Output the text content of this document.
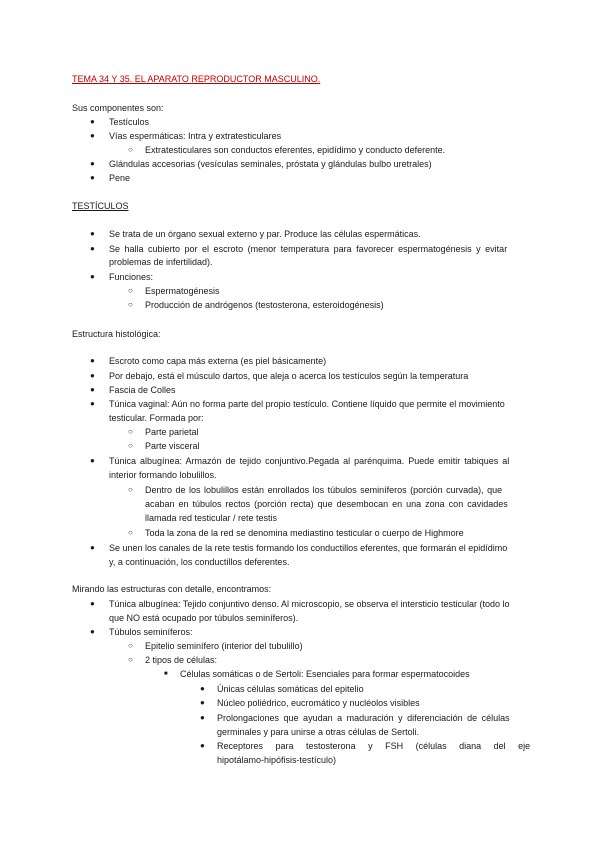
TEMA 34 Y 35. EL APARATO REPRODUCTOR MASCULINO.
Sus componentes son:
● Testículos
● Vías espermáticas: Intra y extratesticulares
○ Extratesticulares son conductos eferentes, epidídimo y conducto deferente.
● Glándulas accesorias (vesículas seminales, próstata y glándulas bulbo uretrales)
● Pene
TESTÍCULOS
● Se trata de un órgano sexual externo y par. Produce las células espermáticas.
● Se halla cubierto por el escroto (menor temperatura para favorecer espermatogénesis y evitar
problemas de infertilidad).
● Funciones:
○ Espermatogénesis
○ Producción de andrógenos (testosterona, esteroidogénesis)
Estructura histológica:
● Escroto como capa más externa (es piel básicamente)
● Por debajo, está el músculo dartos, que aleja o acerca los testículos según la temperatura
● Fascia de Colles
● Túnica vaginal: Aún no forma parte del propio testículo. Contiene líquido que permite el movimiento
testicular. Formada por:
○ Parte parietal
○ Parte visceral
● Túnica albugínea: Armazón de tejido conjuntivo.Pegada al parénquima. Puede emitir tabiques al
interior formando lobulillos.
○ Dentro de los lobulillos están enrollados los túbulos seminíferos (porción curvada), que
acaban en túbulos rectos (porción recta) que desembocan en una zona con cavidades
llamada red testicular / rete testis
○ Toda la zona de la red se denomina mediastino testicular o cuerpo de Highmore
● Se unen los canales de la rete testis formando los conductillos eferentes, que formarán el epidídimo
y, a continuación, los conductillos deferentes.
Mirando las estructuras con detalle, encontramos:
● Túnica albugínea: Tejido conjuntivo denso. Al microscopio, se observa el intersticio testicular (todo lo
que NO está ocupado por túbulos seminíferos).
● Túbulos seminíferos:
○ Epitelio seminífero (interior del tubulillo)
○ 2 tipos de células:
■ Células somáticas o de Sertoli: Esenciales para formar espermatocoides
● Únicas células somáticas del epitelio
● Núcleo poliédrico, eucromático y nucléolos visibles
● Prolongaciones que ayudan a maduración y diferenciación de células
germinales y para unirse a otras células de Sertoli.
● Receptores para testosterona y FSH (células diana del eje
hipotálamo-hipófisis-testículo)
